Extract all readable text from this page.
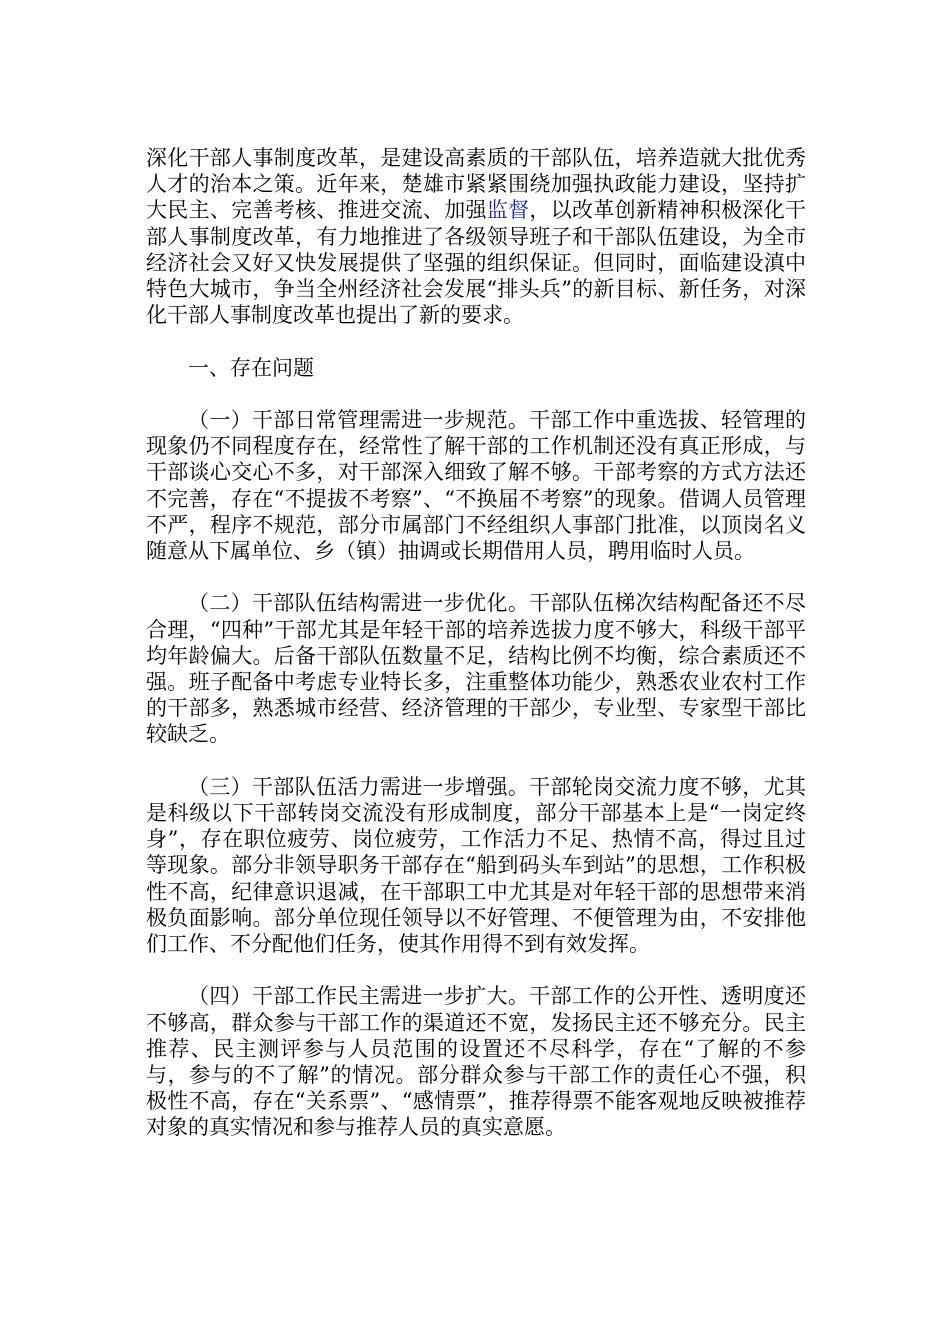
深化干部人事制度改革，是建设高素质的干部队伍，培养造就大批优秀人才的治本之策。近年来，楚雄市紧紧围绕加强执政能力建设，坚持扩大民主、完善考核、推进交流、加强监督，以改革创新精神积极深化干部人事制度改革，有力地推进了各级领导班子和干部队伍建设，为全市经济社会又好又快发展提供了坚强的组织保证。但同时，面临建设滇中特色大城市，争当全州经济社会发展“排头兵”的新目标、新任务，对深化干部人事制度改革也提出了新的要求。

一、存在问题

（一）干部日常管理需进一步规范。干部工作中重选拔、轻管理的现象仍不同程度存在，经常性了解干部的工作机制还没有真正形成，与干部谈心交心不多，对干部深入细致了解不够。干部考察的方式方法还不完善，存在“不提拔不考察”、“不换届不考察”的现象。借调人员管理不严，程序不规范，部分市属部门不经组织人事部门批准，以顶岗名义随意从下属单位、乡（镇）抽调或长期借用人员，聘用临时人员。

（二）干部队伍结构需进一步优化。干部队伍梯次结构配备还不尽合理，“四种”干部尤其是年轻干部的培养选拔力度不够大，科级干部平均年龄偏大。后备干部队伍数量不足，结构比例不均衡，综合素质还不强。班子配备中考虑专业特长多，注重整体功能少，熟悉农业农村工作的干部多，熟悉城市经营、经济管理的干部少，专业型、专家型干部比较缺乏。

（三）干部队伍活力需进一步增强。干部轮岗交流力度不够，尤其是科级以下干部转岗交流没有形成制度，部分干部基本上是“一岗定终身”，存在职位疲劳、岗位疲劳，工作活力不足、热情不高，得过且过等现象。部分非领导职务干部存在“船到码头车到站”的思想，工作积极性不高，纪律意识退减，在干部职工中尤其是对年轻干部的思想带来消极负面影响。部分单位现任领导以不好管理、不便管理为由，不安排他们工作、不分配他们任务，使其作用得不到有效发挥。

（四）干部工作民主需进一步扩大。干部工作的公开性、透明度还不够高，群众参与干部工作的渠道还不宽，发扬民主还不够充分。民主推荐、民主测评参与人员范围的设置还不尽科学，存在“了解的不参与，参与的不了解”的情况。部分群众参与干部工作的责任心不强，积极性不高，存在“关系票”、“感情票”，推荐得票不能客观地反映被推荐对象的真实情况和参与推荐人员的真实意愿。
